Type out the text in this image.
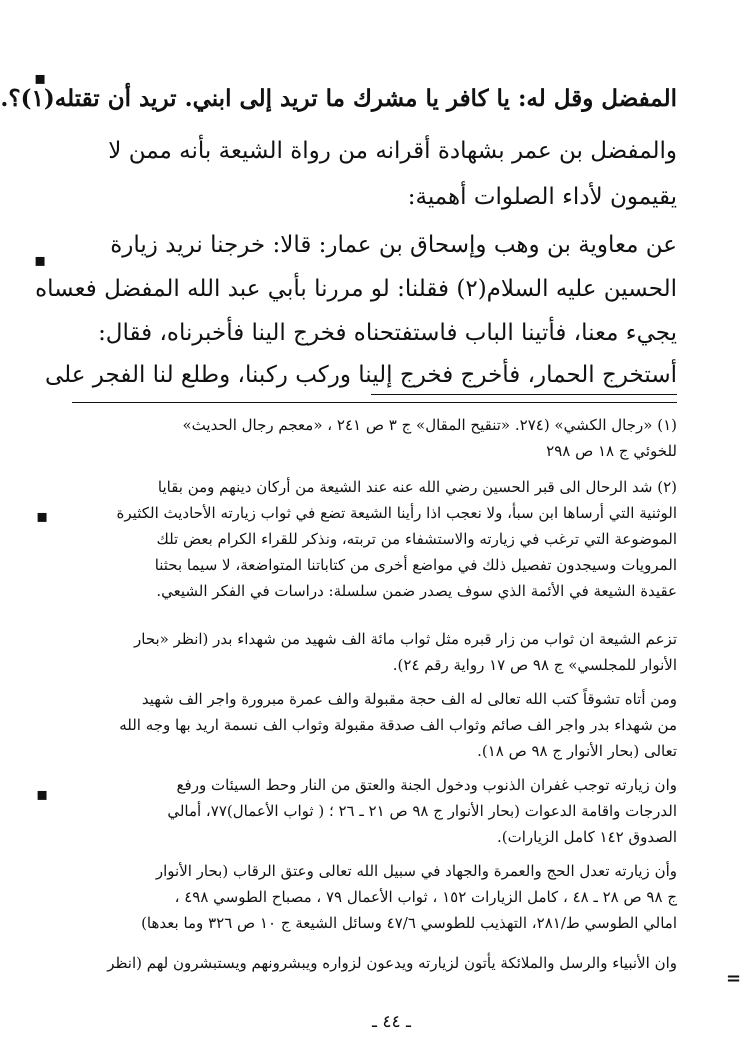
المفضل وقل له: يا كافر يا مشرك ما تريد إلى ابني. تريد أن تقتله(١)؟.
والمفضل بن عمر بشهادة أقرانه من رواة الشيعة بأنه ممن لا
يقيمون لأداء الصلوات أهمية:
عن معاوية بن وهب وإسحاق بن عمار: قالا: خرجنا نريد زيارة
الحسين عليه السلام(٢) فقلنا: لو مررنا بأبي عبد الله المفضل فعساه
يجيء معنا، فأتينا الباب فاستفتحناه فخرج الينا فأخبرناه، فقال:
أستخرج الحمار، فأخرج فخرج إلينا وركب ركبنا، وطلع لنا الفجر على
(١) «رجال الكشي» (٢٧٤. «تنقيح المقال» ج ٣ ص ٢٤١ ، «معجم رجال الحديث»
للخوئي ج ١٨ ص ٢٩٨
(٢) شد الرحال الى قبر الحسين رضي الله عنه عند الشيعة من أركان دينهم ومن بقايا
الوثنية التي أرساها ابن سبأ، ولا نعجب اذا رأينا الشيعة تضع في ثواب زيارته الأحاديث الكثيرة
الموضوعة التي ترغب في زيارته والاستشفاء من تربته، ونذكر للقراء الكرام بعض تلك
المرويات وسيجدون تفصيل ذلك في مواضع أخرى من كتاباتنا المتواضعة، لا سيما بحثنا
عقيدة الشيعة في الأئمة الذي سوف يصدر ضمن سلسلة: دراسات في الفكر الشيعي.
تزعم الشيعة ان ثواب من زار قبره مثل ثواب مائة الف شهيد من شهداء بدر (انظر «بحار
الأنوار للمجلسي» ج ٩٨ ص ١٧ رواية رقم ٢٤).
ومن أتاه تشوقاً كتب الله تعالى له الف حجة مقبولة والف عمرة مبرورة واجر الف شهيد
من شهداء بدر واجر الف صائم وثواب الف صدقة مقبولة وثواب الف نسمة اريد بها وجه الله
تعالى (بحار الأنوار ج ٩٨ ص ١٨).
وان زيارته توجب غفران الذنوب ودخول الجنة والعتق من النار وحط السيئات ورفع
الدرجات واقامة الدعوات (بحار الأنوار ج ٩٨ ص ٢١ ـ ٢٦ ؛ ( ثواب الأعمال)٧٧، أمالي
الصدوق ١٤٢ كامل الزيارات).
وأن زيارته تعدل الحج والعمرة والجهاد في سبيل الله تعالى وعتق الرقاب (بحار الأنوار
ج ٩٨ ص ٢٨ ـ ٤٨ ، كامل الزيارات ١٥٢ ، ثواب الأعمال ٧٩ ، مصباح الطوسي ٤٩٨ ،
امالي الطوسي ط/٢٨١، التهذيب للطوسي ٤٧/٦ وسائل الشيعة ج ١٠ ص ٣٢٦ وما بعدها)
وان الأنبياء والرسل والملائكة يأتون لزيارته ويدعون لزواره ويبشرونهم ويستبشرون لهم (انظر
ـ ٤٤ ـ
▪
▪
▪
▪
=
